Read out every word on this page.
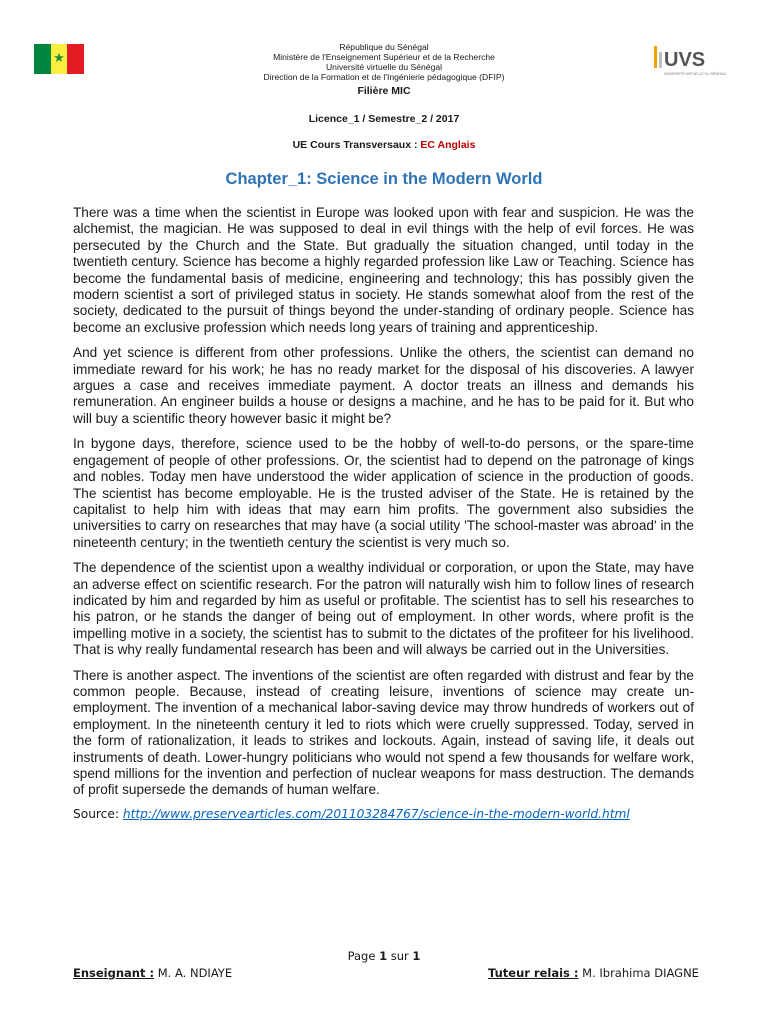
★	UVS
UNIVERSITÉ VIRTUELLE DU SÉNÉGAL
République du Sénégal
Ministère de l'Enseignement Supérieur et de la Recherche
Université virtuelle du Sénégal
Direction de la Formation et de l'Ingénierie pédagogique (DFIP)
Filière MIC
Licence_1 / Semestre_2 / 2017
UE Cours Transversaux : EC Anglais
Chapter_1: Science in the Modern World

There was a time when the scientist in Europe was looked upon with fear and suspicion. He was the alchemist, the magician. He was supposed to deal in evil things with the help of evil forces. He was persecuted by the Church and the State. But gradually the situation changed, until today in the twentieth century. Science has become a highly regarded profession like Law or Teaching. Science has become the fundamental basis of medicine, engineering and technology; this has possibly given the modern scientist a sort of privileged status in society. He stands somewhat aloof from the rest of the society, dedicated to the pursuit of things beyond the under-standing of ordinary people. Science has become an exclusive profession which needs long years of training and apprenticeship.

And yet science is different from other professions. Unlike the others, the scientist can demand no immediate reward for his work; he has no ready market for the disposal of his discoveries. A lawyer argues a case and receives immediate payment. A doctor treats an illness and demands his remuneration. An engineer builds a house or designs a machine, and he has to be paid for it. But who will buy a scientific theory however basic it might be?

In bygone days, therefore, science used to be the hobby of well-to-do persons, or the spare-time engagement of people of other professions. Or, the scientist had to depend on the patronage of kings and nobles. Today men have understood the wider application of science in the production of goods. The scientist has become employable. He is the trusted adviser of the State. He is retained by the capitalist to help him with ideas that may earn him profits. The government also subsidies the universities to carry on researches that may have (a social utility 'The school-master was abroad' in the nineteenth century; in the twentieth century the scientist is very much so.

The dependence of the scientist upon a wealthy individual or corporation, or upon the State, may have an adverse effect on scientific research. For the patron will naturally wish him to follow lines of research indicated by him and regarded by him as useful or profitable. The scientist has to sell his researches to his patron, or he stands the danger of being out of employment. In other words, where profit is the impelling motive in a society, the scientist has to submit to the dictates of the profiteer for his livelihood. That is why really fundamental research has been and will always be carried out in the Universities.

There is another aspect. The inventions of the scientist are often regarded with distrust and fear by the common people. Because, instead of creating leisure, inventions of science may create un-employment. The invention of a mechanical labor-saving device may throw hundreds of workers out of employment. In the nineteenth century it led to riots which were cruelly suppressed. Today, served in the form of rationalization, it leads to strikes and lockouts. Again, instead of saving life, it deals out instruments of death. Lower-hungry politicians who would not spend a few thousands for welfare work, spend millions for the invention and perfection of nuclear weapons for mass destruction. The demands of profit supersede the demands of human welfare.

Source: http://www.preservearticles.com/201103284767/science-in-the-modern-world.html
Page 1 sur 1
Enseignant : M. A. NDIAYE	Tuteur relais : M. Ibrahima DIAGNE
